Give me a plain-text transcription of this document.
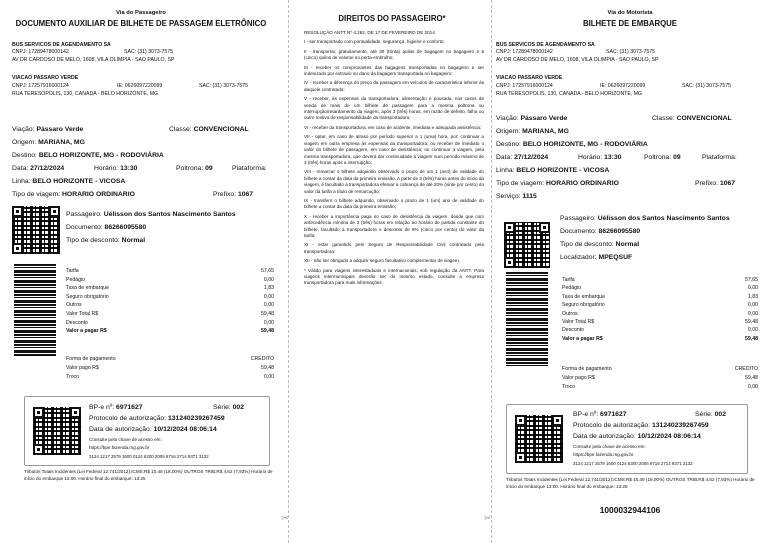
Via do Passageiro
DOCUMENTO AUXILIAR DE BILHETE DE PASSAGEM ELETRÔNICO
BUS SERVICOS DE AGENDAMENTO SA
CNPJ: 17289478000142	SAC: (31) 3073-7575
AV DR CARDOSO DE MELO, 1608, VILA OLIMPIA - SAO PAULO, SP
VIACAO PASSARO VERDE
CNPJ: 17257916000124	IE: 0626097220099	SAC: (31) 3073-7575
RUA TERESOPOLIS, 130, CANADA - BELO HORIZONTE, MG
Viação: Pássaro Verde	Classe: CONVENCIONAL
Origem: MARIANA, MG
Destino: BELO HORIZONTE, MG - RODOVIÁRIA
Data: 27/12/2024	Horário: 13:30	Poltrona: 09	Plataforma:
Linha: BELO HORIZONTE - VICOSA
Tipo de viagem: HORARIO ORDINARIO	Prefixo: 1067
Passageiro: Uélisson dos Santos Nascimento Santos
Documento: 86266095580
Tipo de desconto: Normal
Tarifa	57,65
Pedágio	0,00
Taxa de embarque	1,83
Seguro obrigatório	0,00
Outros	0,00
Valor Total R$	59,48
Desconto	0,00
Valor a pagar R$	59,48
Forma de pagamento	CREDITO
Valor pago R$	59,48
Troco	0,00
BP-e nº: 6971627	Série: 002
Protocolo de autorização: 131240239267459
Data de autorização: 10/12/2024 08:06:14
Consulte pela chave de acesso em:
https://bpe.fazenda.mg.gov.br
3124 1217 2579 1600 0124 6300 2006 9716 2714 9371 3132
Tributos Totais Incidentes (Lei Federal 12.741/2012):ICMS:R$ 10,48 (18,00%) OUTROS TRIB:R$ 4,62 (7,93%) Horário de início do embarque 13:00. Horário final do embarque: 13:25
✂
DIREITOS DO PASSAGEIRO*

RESOLUÇÃO ANTT Nº 4.282, DE 17 DE FEVEREIRO DE 2014.

I - ser transportado com pontualidade, segurança, higiene e conforto;

II - transportar, gratuitamente, até 30 (trinta) quilos de bagagem no bagageiro e 5 (cinco) quilos de volume no porta-embrulho;

III - receber os comprovantes das bagagens transportadas no bagageiro e ser indenizado por extravio ou dano da bagagem transportada no bagageiro;

IV - receber a diferença do preço da passagem em veículos de característica inferior às daquele contratado;

V - receber, às expensas da transportadora, alimentação e pousada, nos casos de venda de mais de um bilhete de passagem para a mesma poltrona ou interrupção/retardamento da viagem, após 3 (três) horas, em razão de defeito, falha ou outro motivo de responsabilidade da transportadora;

VI - receber da transportadora, em caso de acidente, imediata e adequada assistência;

VII - optar, em caso de atraso por período superior a 1 (uma) hora, por: continuar a viagem em outra empresa às expensas da transportadora; ou receber de imediato o valor do bilhete de passagem, em caso de desistência; ou continuar a viagem, pela mesma transportadora, que deverá dar continuidade à viagem num período máximo de 3 (três) horas após a interrupção;

VIII - remarcar o bilhete adquirido observado o prazo de um 1 (ano) de validade do bilhete a contar da data da primeira emissão. A partir de 3 (três) horas antes do início da viagem, é facultado à transportadora efetuar a cobrança de até 20% (vinte por cento) do valor da tarifa a título de remarcação;

IX - transferir o bilhete adquirido, observado o prazo de 1 (um) ano de validade do bilhete a contar da data da primeira emissão;

X - receber a importância paga no caso de desistência da viagem, desde que com antecedência mínima de 3 (três) horas em relação ao horário de partida constante do bilhete, facultado à transportadora o desconto de 5% (cinco por cento) do valor da tarifa;

XI - estar garantido pelo Seguro de Responsabilidade Civil contratado pela transportadora;

XII - não ser obrigado a adquirir seguro facultativo complementar de viagem.

* Válido para viagens interestaduais e internacionais, sob regulação da ANTT. Para viagens intermunicipais deverão ser do mesmo estado, consulte a empresa transportadora para mais informações.

✂
Via do Motorista
BILHETE DE EMBARQUE
BUS SERVICOS DE AGENDAMENTO SA
CNPJ: 17289478000142	SAC: (31) 3073-7575
AV DR CARDOSO DE MELO, 1608, VILA OLIMPIA - SAO PAULO, SP
VIACAO PASSARO VERDE
CNPJ: 17257916000124	IE: 0626097220099	SAC: (31) 3073-7575
RUA TERESOPOLIS, 130, CANADA - BELO HORIZONTE, MG
Viação: Pássaro Verde	Classe: CONVENCIONAL
Origem: MARIANA, MG
Destino: BELO HORIZONTE, MG - RODOVIÁRIA
Data: 27/12/2024	Horário: 13:30	Poltrona: 09	Plataforma:
Linha: BELO HORIZONTE - VICOSA
Tipo de viagem: HORARIO ORDINARIO	Prefixo: 1067
Serviço: 1115
Passageiro: Uélisson dos Santos Nascimento Santos
Documento: 86266095580
Tipo de desconto: Normal
Localizador: MPEQSUF
Tarifa	57,65
Pedágio	0,00
Taxa de embarque	1,83
Seguro obrigatório	0,00
Outros	0,00
Valor Total R$	59,48
Desconto	0,00
Valor a pagar R$	59,48
Forma de pagamento	CREDITO
Valor pago R$	59,48
Troco	0,00
BP-e nº: 6971627	Série: 002
Protocolo de autorização: 131240239267459
Data de autorização: 10/12/2024 08:06:14
Consulte pela chave de acesso em:
https://bpe.fazenda.mg.gov.br
3124 1217 2579 1600 0124 6300 2006 9716 2714 9371 3132
Tributos Totais Incidentes (Lei Federal 12.741/2012):ICMS:R$ 10,48 (18,00%) OUTROS TRIB:R$ 4,62 (7,93%) Horário de início do embarque 13:00. Horário final do embarque: 13:25
1000032944106
